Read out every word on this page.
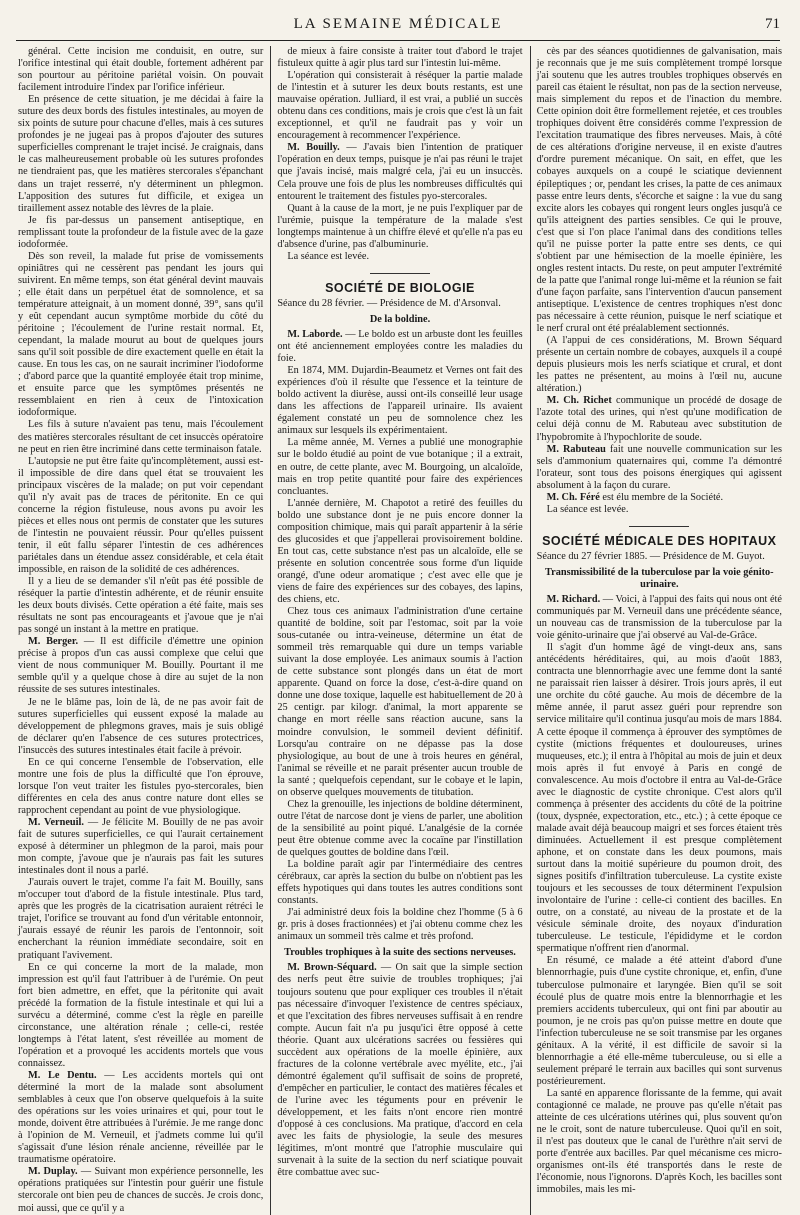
LA SEMAINE MÉDICALE	71

général. Cette incision me conduisit, en outre, sur l'orifice intestinal qui était double, fortement adhérent par son pourtour au péritoine pariétal voisin. On pouvait facilement introduire l'index par l'orifice inférieur.

En présence de cette situation, je me décidai à faire la suture des deux bords des fistules intestinales, au moyen de six points de suture pour chacune d'elles, mais à ces sutures profondes je ne jugeai pas à propos d'ajouter des sutures superficielles comprenant le trajet incisé. Je craignais, dans le cas malheureusement probable où les sutures profondes ne tiendraient pas, que les matières stercorales s'épanchant dans un trajet resserré, n'y déterminent un phlegmon. L'apposition des sutures fut difficile, et exigea un tiraillement assez notable des lèvres de la plaie.

Je fis par-dessus un pansement antiseptique, en remplissant toute la profondeur de la fistule avec de la gaze iodoformée.

Dès son reveil, la malade fut prise de vomissements opiniâtres qui ne cessèrent pas pendant les jours qui suivirent. En même temps, son état général devint mauvais ; elle était dans un perpétuel état de somnolence, et sa température atteignait, à un moment donné, 39°, sans qu'il y eût cependant aucun symptôme morbide du côté du péritoine ; l'écoulement de l'urine restait normal. Et, cependant, la malade mourut au bout de quelques jours sans qu'il soit possible de dire exactement quelle en était la cause. En tous les cas, on ne saurait incriminer l'iodoforme ; d'abord parce que la quantité employée était trop minime, et ensuite parce que les symptômes présentés ne ressemblaient en rien à ceux de l'intoxication iodoformique.

Les fils à suture n'avaient pas tenu, mais l'écoulement des matières stercorales résultant de cet insuccès opératoire ne peut en rien être incriminé dans cette terminaison fatale.

L'autopsie ne put être faite qu'incomplètement, aussi est-il impossible de dire dans quel état se trouvaient les principaux viscères de la malade; on put voir cependant qu'il n'y avait pas de traces de péritonite. En ce qui concerne la région fistuleuse, nous avons pu avoir les pièces et elles nous ont permis de constater que les sutures de l'intestin ne pouvaient réussir. Pour qu'elles puissent tenir, il eût fallu séparer l'intestin de ces adhérences pariétales dans un étendue assez considérable, et cela était impossible, en raison de la solidité de ces adhérences.

Il y a lieu de se demander s'il n'eût pas été possible de réséquer la partie d'intestin adhérente, et de réunir ensuite les deux bouts divisés. Cette opération a été faite, mais ses résultats ne sont pas encourageants et j'avoue que je n'ai pas songé un instant à la mettre en pratique.

M. Berger. — Il est difficile d'émettre une opinion précise à propos d'un cas aussi complexe que celui que vient de nous communiquer M. Bouilly. Pourtant il me semble qu'il y a quelque chose à dire au sujet de la non réussite de ses sutures intestinales.

Je ne le blâme pas, loin de là, de ne pas avoir fait de sutures superficielles qui eussent exposé la malade au développement de phlegmons graves, mais je suis obligé de déclarer qu'en l'absence de ces sutures protectrices, l'insuccès des sutures intestinales était facile à prévoir.

En ce qui concerne l'ensemble de l'observation, elle montre une fois de plus la difficulté que l'on éprouve, lorsque l'on veut traiter les fistules pyo-stercorales, bien différentes en cela des anus contre nature dont elles se rapprochent cependant au point de vue physiologique.

M. Verneuil. — Je félicite M. Bouilly de ne pas avoir fait de sutures superficielles, ce qui l'aurait certainement exposé à déterminer un phlegmon de la paroi, mais pour mon compte, j'avoue que je n'aurais pas fait les sutures intestinales dont il nous a parlé.

J'aurais ouvert le trajet, comme l'a fait M. Bouilly, sans m'occuper tout d'abord de la fistule intestinale. Plus tard, après que les progrès de la cicatrisation auraient rétréci le trajet, l'orifice se trouvant au fond d'un véritable entonnoir, j'aurais essayé de réunir les parois de l'entonnoir, soit encherchant la réunion immédiate secondaire, soit en pratiquant l'avivement.

En ce qui concerne la mort de la malade, mon impression est qu'il faut l'attribuer à de l'urémie. On peut fort bien admettre, en effet, que la péritonite qui avait précédé la formation de la fistule intestinale et qui lui a survécu a déterminé, comme c'est la règle en pareille circonstance, une altération rénale ; celle-ci, restée longtemps à l'état latent, s'est réveillée au moment de l'opération et a provoqué les accidents mortels que vous connaissez.

M. Le Dentu. — Les accidents mortels qui ont déterminé la mort de la malade sont absolument semblables à ceux que l'on observe quelquefois à la suite des opérations sur les voies urinaires et qui, pour tout le monde, doivent être attribuées à l'urémie. Je me range donc à l'opinion de M. Verneuil, et j'admets comme lui qu'il s'agissait d'une lésion rénale ancienne, réveillée par le traumatisme opératoire.

M. Duplay. — Suivant mon expérience personnelle, les opérations pratiquées sur l'intestin pour guérir une fistule stercorale ont bien peu de chances de succès. Je crois donc, moi aussi, que ce qu'il y a

de mieux à faire consiste à traiter tout d'abord le trajet fistuleux quitte à agir plus tard sur l'intestin lui-même.

L'opération qui consisterait à réséquer la partie malade de l'intestin et à suturer les deux bouts restants, est une mauvaise opération. Julliard, il est vrai, a publié un succès obtenu dans ces conditions, mais je crois que c'est là un fait exceptionnel, et qu'il ne faudrait pas y voir un encouragement à recommencer l'expérience.

M. Bouilly. — J'avais bien l'intention de pratiquer l'opération en deux temps, puisque je n'ai pas réuni le trajet que j'avais incisé, mais malgré cela, j'ai eu un insuccès. Cela prouve une fois de plus les nombreuses difficultés qui entourent le traitement des fistules pyo-stercorales.

Quant à la cause de la mort, je ne puis l'expliquer par de l'urémie, puisque la température de la malade s'est longtemps maintenue à un chiffre élevé et qu'elle n'a pas eu d'absence d'urine, pas d'albuminurie.

La séance est levée.

SOCIÉTÉ DE BIOLOGIE

Séance du 28 février. — Présidence de M. d'Arsonval.

De la boldine.

M. Laborde. — Le boldo est un arbuste dont les feuilles ont été anciennement employées contre les maladies du foie.

En 1874, MM. Dujardin-Beaumetz et Vernes ont fait des expériences d'où il résulte que l'essence et la teinture de boldo activent la diurèse, aussi ont-ils conseillé leur usage dans les affections de l'appareil urinaire. Ils avaient également constaté un peu de somnolence chez les animaux sur lesquels ils expérimentaient.

La même année, M. Vernes a publié une monographie sur le boldo étudié au point de vue botanique ; il a extrait, en outre, de cette plante, avec M. Bourgoing, un alcaloïde, mais en trop petite quantité pour faire des expériences concluantes.

L'année dernière, M. Chapotot a retiré des feuilles du boldo une substance dont je ne puis encore donner la composition chimique, mais qui paraît appartenir à la série des glucosides et que j'appellerai provisoirement boldine. En tout cas, cette substance n'est pas un alcaloïde, elle se présente en solution concentrée sous forme d'un liquide orangé, d'une odeur aromatique ; c'est avec elle que je viens de faire des expériences sur des cobayes, des lapins, des chiens, etc.

Chez tous ces animaux l'administration d'une certaine quantité de boldine, soit par l'estomac, soit par la voie sous-cutanée ou intra-veineuse, détermine un état de sommeil très remarquable qui dure un temps variable suivant la dose employée. Les animaux soumis à l'action de cette substance sont plongés dans un état de mort apparente. Quand on force la dose, c'est-à-dire quand on donne une dose toxique, laquelle est habituellement de 20 à 25 centigr. par kilogr. d'animal, la mort apparente se change en mort réelle sans réaction aucune, sans la moindre convulsion, le sommeil devient définitif. Lorsqu'au contraire on ne dépasse pas la dose physiologique, au bout de une à trois heures en général, l'animal se réveille et ne parait présenter aucun trouble de la santé ; quelquefois cependant, sur le cobaye et le lapin, on observe quelques mouvements de titubation.

Chez la grenouille, les injections de boldine déterminent, outre l'état de narcose dont je viens de parler, une abolition de la sensibilité au point piqué. L'analgésie de la cornée peut être obtenue comme avec la cocaïne par l'instillation de quelques gouttes de boldine dans l'œil.

La boldine paraît agir par l'intermédiaire des centres cérébraux, car après la section du bulbe on n'obtient pas les effets hypotiques qui dans toutes les autres conditions sont constants.

J'ai administré deux fois la boldine chez l'homme (5 à 6 gr. pris à doses fractionnées) et j'ai obtenu comme chez les animaux un sommeil très calme et très profond.

Troubles trophiques à la suite des sections nerveuses.

M. Brown-Séquard. — On sait que la simple section des nerfs peut être suivie de troubles trophiques; j'ai toujours soutenu que pour expliquer ces troubles il n'était pas nécessaire d'invoquer l'existence de centres spéciaux, et que l'excitation des fibres nerveuses suffisait à en rendre compte. Aucun fait n'a pu jusqu'ici être opposé à cette théorie. Quant aux ulcérations sacrées ou fessières qui succèdent aux opérations de la moelle épinière, aux fractures de la colonne vertébrale avec myélite, etc., j'ai démontré également qu'il suffisait de soins de propreté, d'empêcher en particulier, le contact des matières fécales et de l'urine avec les téguments pour en prévenir le développement, et les faits n'ont encore rien montré d'opposé à ces conclusions. Ma pratique, d'accord en cela avec les faits de physiologie, la seule des mesures légitimes, m'ont montré que l'atrophie musculaire qui survenait à la suite de la section du nerf sciatique pouvait être combattue avec suc-

cès par des séances quotidiennes de galvanisation, mais je reconnais que je me suis complètement trompé lorsque j'ai soutenu que les autres troubles trophiques observés en pareil cas étaient le résultat, non pas de la section nerveuse, mais simplement du repos et de l'inaction du membre. Cette opinion doit être formellement rejetée, et ces troubles trophiques doivent être considérés comme l'expression de l'excitation traumatique des fibres nerveuses. Mais, à côté de ces altérations d'origine nerveuse, il en existe d'autres d'ordre purement mécanique. On sait, en effet, que les cobayes auxquels on a coupé le sciatique deviennent épileptiques ; or, pendant les crises, la patte de ces animaux passe entre leurs dents, s'écorche et saigne : la vue du sang excite alors les cobayes qui rongent leurs ongles jusqu'à ce qu'ils atteignent des parties sensibles. Ce qui le prouve, c'est que si l'on place l'animal dans des conditions telles qu'il ne puisse porter la patte entre ses dents, ce qui s'obtient par une hémisection de la moelle épinière, les ongles restent intacts. Du reste, on peut amputer l'extrémité de la patte que l'animal ronge lui-même et la réunion se fait d'une façon parfaite, sans l'intervention d'aucun pansement antiseptique. L'existence de centres trophiques n'est donc pas nécessaire à cette réunion, puisque le nerf sciatique et le nerf crural ont été préalablement sectionnés.

(A l'appui de ces considérations, M. Brown Séquard présente un certain nombre de cobayes, auxquels il a coupé depuis plusieurs mois les nerfs sciatique et crural, et dont les pattes ne présentent, au moins à l'œil nu, aucune altération.)

M. Ch. Richet communique un procédé de dosage de l'azote total des urines, qui n'est qu'une modification de celui déjà connu de M. Rabuteau avec substitution de l'hypobromite à l'hypochlorite de soude.

M. Rabuteau fait une nouvelle communication sur les sels d'ammonium quaternaires qui, comme l'a démontré l'orateur, sont tous des poisons énergiques qui agissent absolument à la façon du curare.

M. Ch. Féré est élu membre de la Société.

La séance est levée.

SOCIÉTÉ MÉDICALE DES HOPITAUX

Séance du 27 février 1885. — Présidence de M. Guyot.

Transmissibilité de la tuberculose par la voie génito-urinaire.

M. Richard. — Voici, à l'appui des faits qui nous ont été communiqués par M. Verneuil dans une précédente séance, un nouveau cas de transmission de la tuberculose par la voie génito-urinaire que j'ai observé au Val-de-Grâce.

Il s'agit d'un homme âgé de vingt-deux ans, sans antécédents héréditaires, qui, au mois d'août 1883, contracta une blennorrhagie avec une femme dont la santé ne paraissait rien laisser à désirer. Trois jours après, il eut une orchite du côté gauche. Au mois de décembre de la même année, il parut assez guéri pour reprendre son service militaire qu'il continua jusqu'au mois de mars 1884. A cette époque il commença à éprouver des symptômes de cystite (mictions fréquentes et douloureuses, urines muqueuses, etc.); il entra à l'hôpital au mois de juin et deux mois après il fut envoyé à Paris en congé de convalescence. Au mois d'octobre il entra au Val-de-Grâce avec le diagnostic de cystite chronique. C'est alors qu'il commença à présenter des accidents du côté de la poitrine (toux, dyspnée, expectoration, etc., etc.) ; à cette époque ce malade avait déjà beaucoup maigri et ses forces étaient très diminuées. Actuellement il est presque complètement aphone, et on constate dans les deux poumons, mais surtout dans la moitié supérieure du poumon droit, des signes positifs d'infiltration tuberculeuse. La cystite existe toujours et les secousses de toux déterminent l'expulsion involontaire de l'urine : celle-ci contient des bacilles. En outre, on a constaté, au niveau de la prostate et de la vésicule séminale droite, des noyaux d'induration tuberculeuse. Le testicule, l'épididyme et le cordon spermatique n'offrent rien d'anormal.

En résumé, ce malade a été atteint d'abord d'une blennorrhagie, puis d'une cystite chronique, et, enfin, d'une tuberculose pulmonaire et laryngée. Bien qu'il se soit écoulé plus de quatre mois entre la blennorrhagie et les premiers accidents tuberculeux, qui ont fini par aboutir au poumon, je ne crois pas qu'on puisse mettre en doute que l'infection tuberculeuse ne se soit transmise par les organes génitaux. A la vérité, il est difficile de savoir si la blennorrhagie a été elle-même tuberculeuse, ou si elle a seulement préparé le terrain aux bacilles qui sont survenus postérieurement.

La santé en apparence florissante de la femme, qui avait contagionné ce malade, ne prouve pas qu'elle n'était pas atteinte de ces ulcérations utérines qui, plus souvent qu'on ne le croit, sont de nature tuberculeuse. Quoi qu'il en soit, il n'est pas douteux que le canal de l'urèthre n'ait servi de porte d'entrée aux bacilles. Par quel mécanisme ces micro-organismes ont-ils été transportés dans le reste de l'économie, nous l'ignorons. D'après Koch, les bacilles sont immobiles, mais les mi-
